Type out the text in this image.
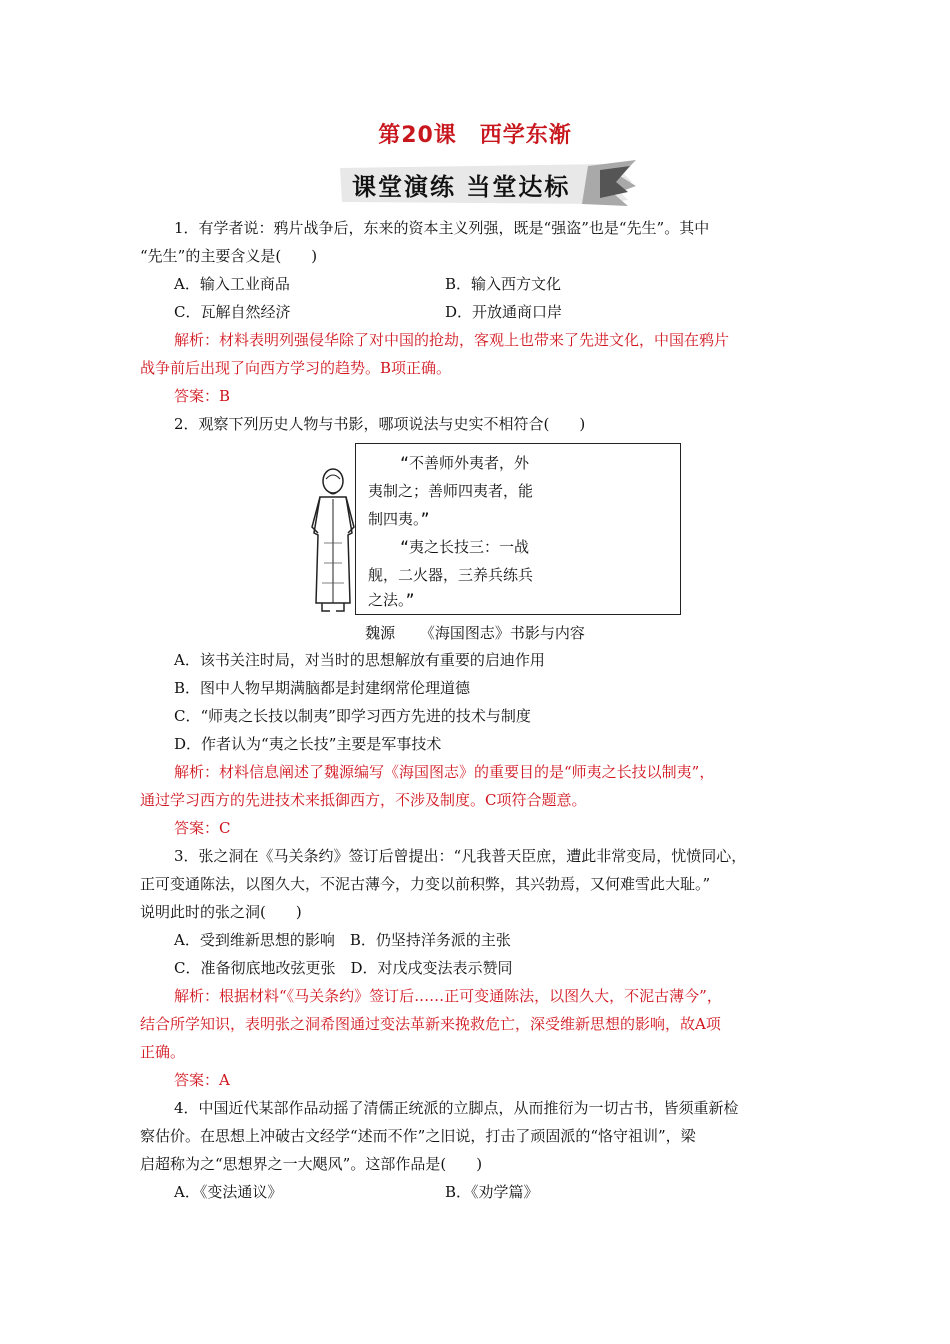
第20课　西学东渐
课堂演练 当堂达标
1．有学者说：鸦片战争后，东来的资本主义列强，既是“强盗”也是“先生”。其中
“先生”的主要含义是(　　)
A．输入工业商品	B．输入西方文化
C．瓦解自然经济	D．开放通商口岸
解析：材料表明列强侵华除了对中国的抢劫，客观上也带来了先进文化，中国在鸦片
战争前后出现了向西方学习的趋势。B项正确。
答案：B
2．观察下列历史人物与书影，哪项说法与史实不相符合(　　)
“不善师外夷者，外
夷制之；善师四夷者，能
制四夷。”
“夷之长技三：一战
舰，二火器，三养兵练兵
之法。”
魏源 《海国图志》书影与内容
A．该书关注时局，对当时的思想解放有重要的启迪作用
B．图中人物早期满脑都是封建纲常伦理道德
C．“师夷之长技以制夷”即学习西方先进的技术与制度
D．作者认为“夷之长技”主要是军事技术
解析：材料信息阐述了魏源编写《海国图志》的重要目的是“师夷之长技以制夷”，
通过学习西方的先进技术来抵御西方，不涉及制度。C项符合题意。
答案：C
3．张之洞在《马关条约》签订后曾提出：“凡我普天臣庶，遭此非常变局，忧愤同心，
正可变通陈法，以图久大，不泥古薄今，力变以前积弊，其兴勃焉，又何难雪此大耻。”
说明此时的张之洞(　　)
A．受到维新思想的影响　B．仍坚持洋务派的主张
C．准备彻底地改弦更张　D．对戊戌变法表示赞同
解析：根据材料“《马关条约》签订后……正可变通陈法，以图久大，不泥古薄今”，
结合所学知识，表明张之洞希图通过变法革新来挽救危亡，深受维新思想的影响，故A项
正确。
答案：A
4．中国近代某部作品动摇了清儒正统派的立脚点，从而推衍为一切古书，皆须重新检
察估价。在思想上冲破古文经学“述而不作”之旧说，打击了顽固派的“恪守祖训”，梁
启超称为之“思想界之一大飓风”。这部作品是(　　)
A．《变法通议》	B．《劝学篇》
